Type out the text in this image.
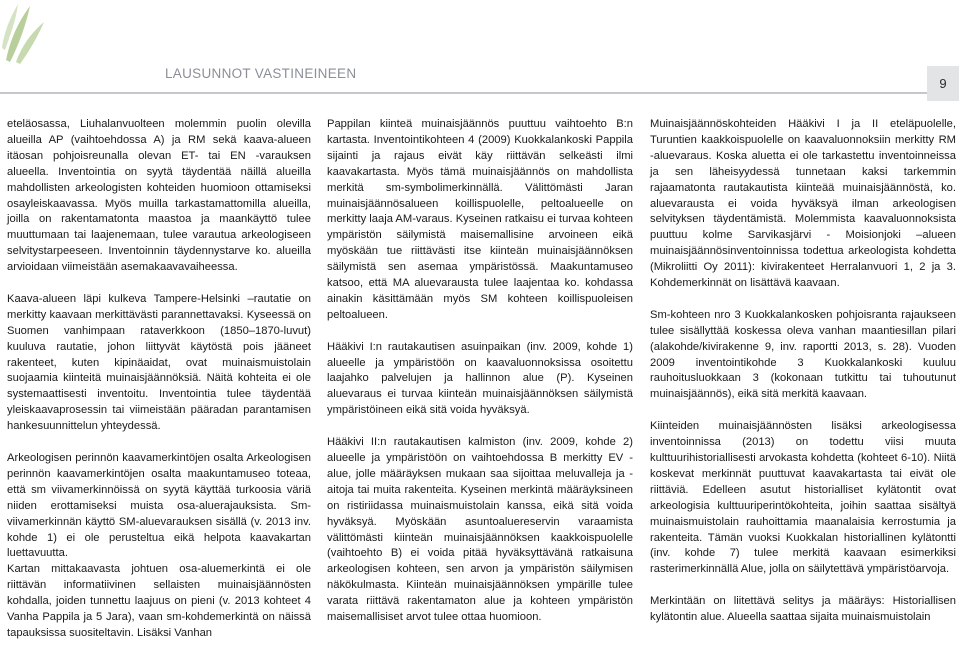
LAUSUNNOT VASTINEINEEN
9

eteläosassa, Liuhalanvuolteen molemmin puolin olevilla alueilla AP (vaihtoehdossa A) ja RM sekä kaava-alueen itäosan pohjoisreunalla olevan ET- tai EN -varauksen alueella. Inventointia on syytä täydentää näillä alueilla mahdollisten arkeologisten kohteiden huomioon ottamiseksi osayleiskaavassa. Myös muilla tarkastamattomilla alueilla, joilla on rakentamatonta maastoa ja maankäyttö tulee muuttumaan tai laajenemaan, tulee varautua arkeologiseen selvitystarpeeseen. Inventoinnin täydennystarve ko. alueilla arvioidaan viimeistään asemakaavavaiheessa.

Kaava-alueen läpi kulkeva Tampere-Helsinki –rautatie on merkitty kaavaan merkittävästi parannettavaksi. Kyseessä on Suomen vanhimpaan rataverkkoon (1850–1870-luvut) kuuluva rautatie, johon liittyvät käytöstä pois jääneet rakenteet, kuten kipinäaidat, ovat muinaismuistolain suojaamia kiinteitä muinaisjäännöksiä. Näitä kohteita ei ole systemaattisesti inventoitu. Inventointia tulee täydentää yleiskaavaprosessin tai viimeistään pääradan parantamisen hankesuunnittelun yhteydessä.

Arkeologisen perinnön kaavamerkintöjen osalta Arkeologisen perinnön kaavamerkintöjen osalta maakuntamuseo toteaa, että sm viivamerkinnöissä on syytä käyttää turkoosia väriä niiden erottamiseksi muista osa-aluerajauksista. Sm-viivamerkinnän käyttö SM-aluevarauksen sisällä (v. 2013 inv. kohde 1) ei ole perusteltua eikä helpota kaavakartan luettavuutta.

Kartan mittakaavasta johtuen osa-aluemerkintä ei ole riittävän informatiivinen sellaisten muinaisjäännösten kohdalla, joiden tunnettu laajuus on pieni (v. 2013 kohteet 4 Vanha Pappila ja 5 Jara), vaan sm-kohdemerkintä on näissä tapauksissa suositeltavin. Lisäksi Vanhan

Pappilan kiinteä muinaisjäännös puuttuu vaihtoehto B:n kartasta. Inventointikohteen 4 (2009) Kuokkalankoski Pappila sijainti ja rajaus eivät käy riittävän selkeästi ilmi kaavakartasta. Myös tämä muinaisjäännös on mahdollista merkitä sm-symbolimerkinnällä. Välittömästi Jaran muinaisjäännösalueen koillispuolelle, peltoalueelle on merkitty laaja AM-varaus. Kyseinen ratkaisu ei turvaa kohteen ympäristön säilymistä maisemallisine arvoineen eikä myöskään tue riittävästi itse kiinteän muinaisjäännöksen säilymistä sen asemaa ympäristössä. Maakuntamuseo katsoo, että MA aluevarausta tulee laajentaa ko. kohdassa ainakin käsittämään myös SM kohteen koillispuoleisen peltoalueen.

Hääkivi I:n rautakautisen asuinpaikan (inv. 2009, kohde 1) alueelle ja ympäristöön on kaavaluonnoksissa osoitettu laajahko palvelujen ja hallinnon alue (P). Kyseinen aluevaraus ei turvaa kiinteän muinaisjäännöksen säilymistä ympäristöineen eikä sitä voida hyväksyä.

Hääkivi II:n rautakautisen kalmiston (inv. 2009, kohde 2) alueelle ja ympäristöön on vaihtoehdossa B merkitty EV -alue, jolle määräyksen mukaan saa sijoittaa meluvalleja ja -aitoja tai muita rakenteita. Kyseinen merkintä määräyksineen on ristiriidassa muinaismuistolain kanssa, eikä sitä voida hyväksyä. Myöskään asuntoaluereservin varaamista välittömästi kiinteän muinaisjäännöksen kaakkoispuolelle (vaihtoehto B) ei voida pitää hyväksyttävänä ratkaisuna arkeologisen kohteen, sen arvon ja ympäristön säilymisen näkökulmasta. Kiinteän muinaisjäännöksen ympärille tulee varata riittävä rakentamaton alue ja kohteen ympäristön maisemallisiset arvot tulee ottaa huomioon.

Muinaisjäännöskohteiden Hääkivi I ja II eteläpuolelle, Turuntien kaakkoispuolelle on kaavaluonnoksiin merkitty RM -aluevaraus. Koska aluetta ei ole tarkastettu inventoinneissa ja sen läheisyydessä tunnetaan kaksi tarkemmin rajaamatonta rautakautista kiinteää muinaisjäännöstä, ko. aluevarausta ei voida hyväksyä ilman arkeologisen selvityksen täydentämistä. Molemmista kaavaluonnoksista puuttuu kolme Sarvikasjärvi - Moisionjoki –alueen muinaisjäännösinventoinnissa todettua arkeologista kohdetta (Mikroliitti Oy 2011): kivirakenteet Herralanvuori 1, 2 ja 3. Kohdemerkinnät on lisättävä kaavaan.

Sm-kohteen nro 3 Kuokkalankosken pohjoisranta rajaukseen tulee sisällyttää koskessa oleva vanhan maantiesillan pilari (alakohde/kivirakenne 9, inv. raportti 2013, s. 28). Vuoden 2009 inventointikohde 3 Kuokkalankoski kuuluu rauhoitusluokkaan 3 (kokonaan tutkittu tai tuhoutunut muinaisjäännös), eikä sitä merkitä kaavaan.

Kiinteiden muinaisjäännösten lisäksi arkeologisessa inventoinnissa (2013) on todettu viisi muuta kulttuurihistoriallisesti arvokasta kohdetta (kohteet 6-10). Niitä koskevat merkinnät puuttuvat kaavakartasta tai eivät ole riittäviä. Edelleen asutut historialliset kylätontit ovat arkeologisia kulttuuriperintökohteita, joihin saattaa sisältyä muinaismuistolain rauhoittamia maanalaisia kerrostumia ja rakenteita. Tämän vuoksi Kuokkalan historiallinen kylätontti (inv. kohde 7) tulee merkitä kaavaan esimerkiksi rasterimerkinnällä Alue, jolla on säilytettävä ympäristöarvoja.

Merkintään on liitettävä selitys ja määräys: Historiallisen kylätontin alue. Alueella saattaa sijaita muinaismuistolain
